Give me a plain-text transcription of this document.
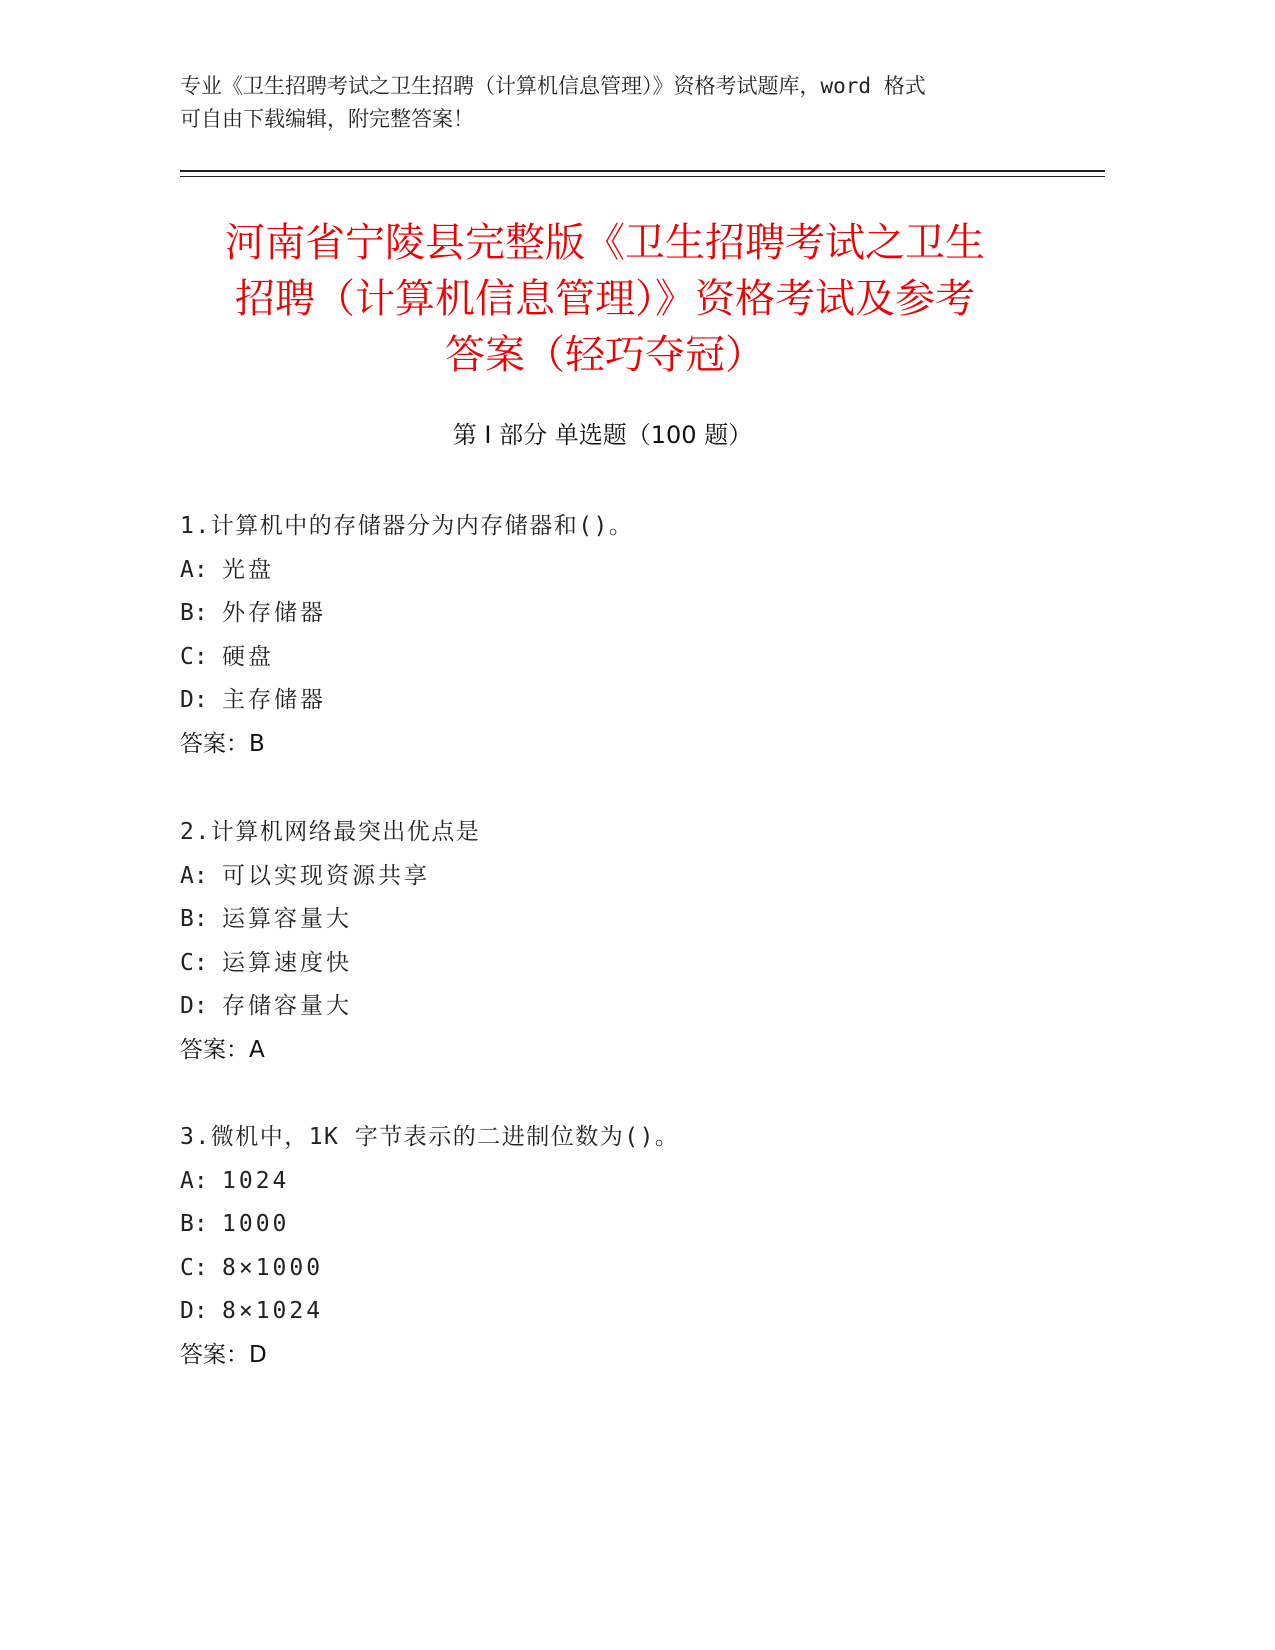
专业《卫生招聘考试之卫生招聘（计算机信息管理）》资格考试题库，word 格式

可自由下载编辑，附完整答案！

河南省宁陵县完整版《卫生招聘考试之卫生
招聘（计算机信息管理）》资格考试及参考
答案（轻巧夺冠）
第 I 部分 单选题（100 题）
1.计算机中的存储器分为内存储器和()。
A: 光盘
B: 外存储器
C: 硬盘
D: 主存储器
答案：B
2.计算机网络最突出优点是
A: 可以实现资源共享
B: 运算容量大
C: 运算速度快
D: 存储容量大
答案：A
3.微机中，1K 字节表示的二进制位数为()。
A: 1024
B: 1000
C: 8×1000
D: 8×1024
答案：D
